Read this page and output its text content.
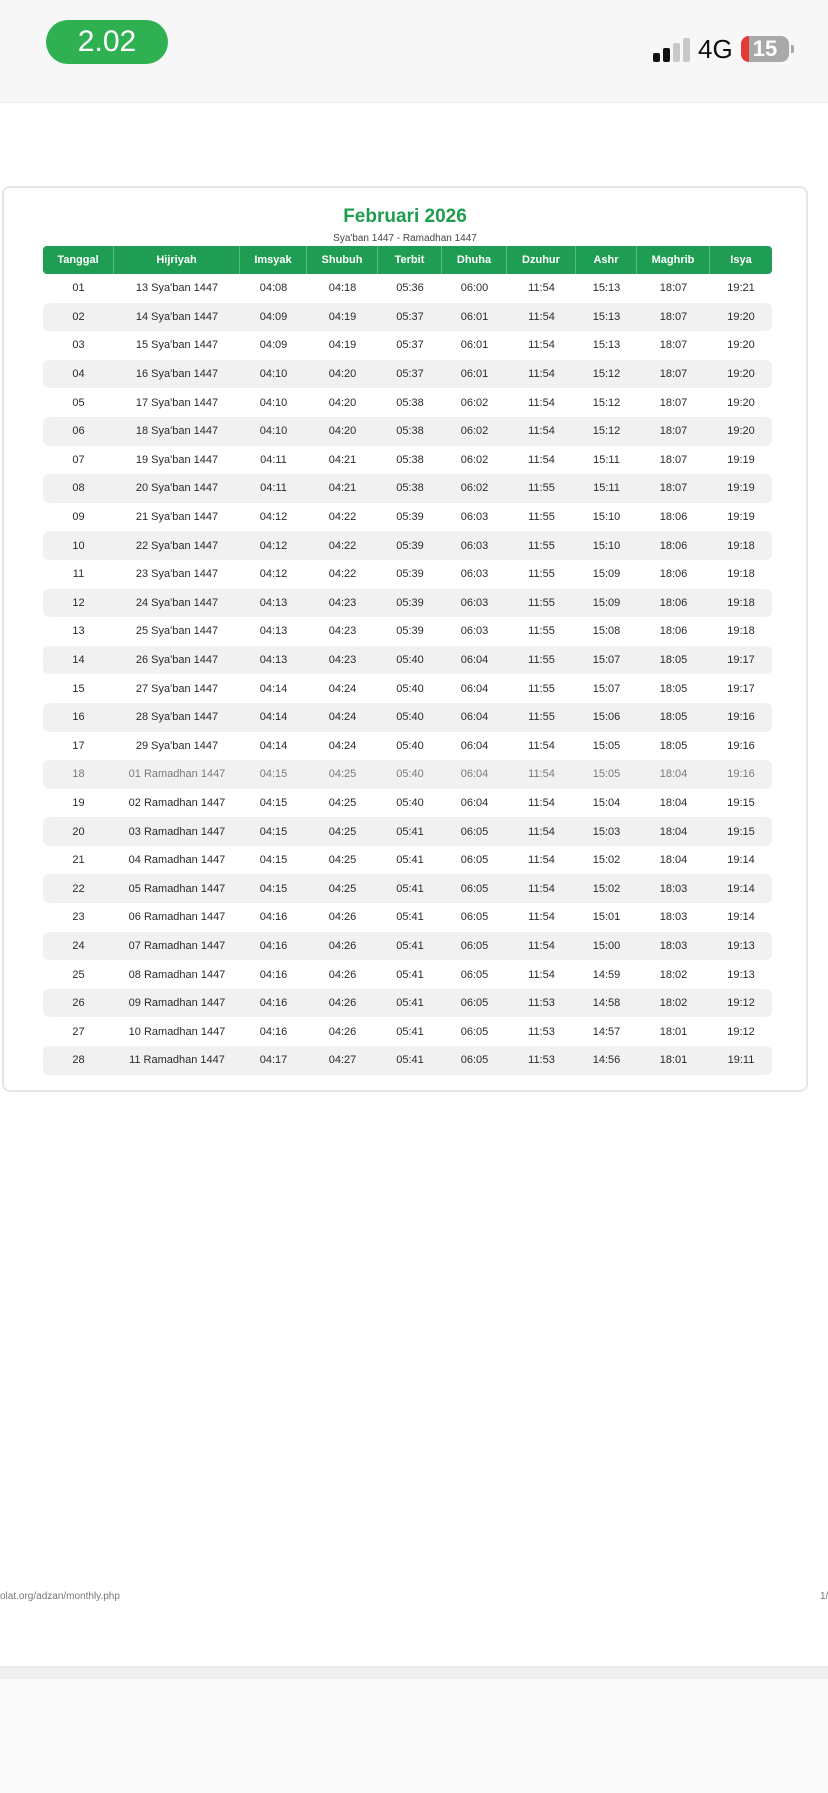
2.02	4G 15
Februari 2026
Sya'ban 1447 - Ramadhan 1447
Tanggal	Hijriyah	Imsyak	Shubuh	Terbit	Dhuha	Dzuhur	Ashr	Maghrib	Isya
01	13 Sya'ban 1447	04:08	04:18	05:36	06:00	11:54	15:13	18:07	19:21
02	14 Sya'ban 1447	04:09	04:19	05:37	06:01	11:54	15:13	18:07	19:20
03	15 Sya'ban 1447	04:09	04:19	05:37	06:01	11:54	15:13	18:07	19:20
04	16 Sya'ban 1447	04:10	04:20	05:37	06:01	11:54	15:12	18:07	19:20
05	17 Sya'ban 1447	04:10	04:20	05:38	06:02	11:54	15:12	18:07	19:20
06	18 Sya'ban 1447	04:10	04:20	05:38	06:02	11:54	15:12	18:07	19:20
07	19 Sya'ban 1447	04:11	04:21	05:38	06:02	11:54	15:11	18:07	19:19
08	20 Sya'ban 1447	04:11	04:21	05:38	06:02	11:55	15:11	18:07	19:19
09	21 Sya'ban 1447	04:12	04:22	05:39	06:03	11:55	15:10	18:06	19:19
10	22 Sya'ban 1447	04:12	04:22	05:39	06:03	11:55	15:10	18:06	19:18
11	23 Sya'ban 1447	04:12	04:22	05:39	06:03	11:55	15:09	18:06	19:18
12	24 Sya'ban 1447	04:13	04:23	05:39	06:03	11:55	15:09	18:06	19:18
13	25 Sya'ban 1447	04:13	04:23	05:39	06:03	11:55	15:08	18:06	19:18
14	26 Sya'ban 1447	04:13	04:23	05:40	06:04	11:55	15:07	18:05	19:17
15	27 Sya'ban 1447	04:14	04:24	05:40	06:04	11:55	15:07	18:05	19:17
16	28 Sya'ban 1447	04:14	04:24	05:40	06:04	11:55	15:06	18:05	19:16
17	29 Sya'ban 1447	04:14	04:24	05:40	06:04	11:54	15:05	18:05	19:16
18	01 Ramadhan 1447	04:15	04:25	05:40	06:04	11:54	15:05	18:04	19:16
19	02 Ramadhan 1447	04:15	04:25	05:40	06:04	11:54	15:04	18:04	19:15
20	03 Ramadhan 1447	04:15	04:25	05:41	06:05	11:54	15:03	18:04	19:15
21	04 Ramadhan 1447	04:15	04:25	05:41	06:05	11:54	15:02	18:04	19:14
22	05 Ramadhan 1447	04:15	04:25	05:41	06:05	11:54	15:02	18:03	19:14
23	06 Ramadhan 1447	04:16	04:26	05:41	06:05	11:54	15:01	18:03	19:14
24	07 Ramadhan 1447	04:16	04:26	05:41	06:05	11:54	15:00	18:03	19:13
25	08 Ramadhan 1447	04:16	04:26	05:41	06:05	11:54	14:59	18:02	19:13
26	09 Ramadhan 1447	04:16	04:26	05:41	06:05	11:53	14:58	18:02	19:12
27	10 Ramadhan 1447	04:16	04:26	05:41	06:05	11:53	14:57	18:01	19:12
28	11 Ramadhan 1447	04:17	04:27	05:41	06:05	11:53	14:56	18:01	19:11
olat.org/adzan/monthly.php	1/
